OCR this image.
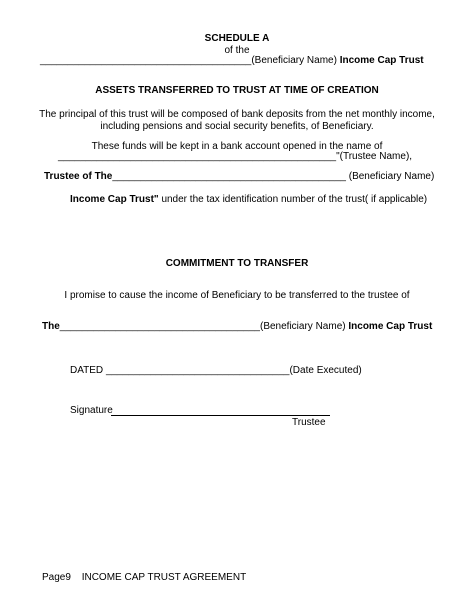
SCHEDULE A
of the
______________________________________(Beneficiary Name) Income Cap Trust
ASSETS TRANSFERRED TO TRUST AT TIME OF CREATION
The principal of this trust will be composed of bank deposits from the net monthly income,
including pensions and social security benefits, of Beneficiary.
These funds will be kept in a bank account opened in the name of
__________________________________________________"(Trustee Name),
Trustee of The__________________________________________ (Beneficiary Name)
Income Cap Trust" under the tax identification number of the trust( if applicable)
COMMITMENT TO TRANSFER
I promise to cause the income of Beneficiary to be transferred to the trustee of
The____________________________________(Beneficiary Name) Income Cap Trust
DATED _________________________________(Date Executed)
Signature
Trustee
Page9 INCOME CAP TRUST AGREEMENT
